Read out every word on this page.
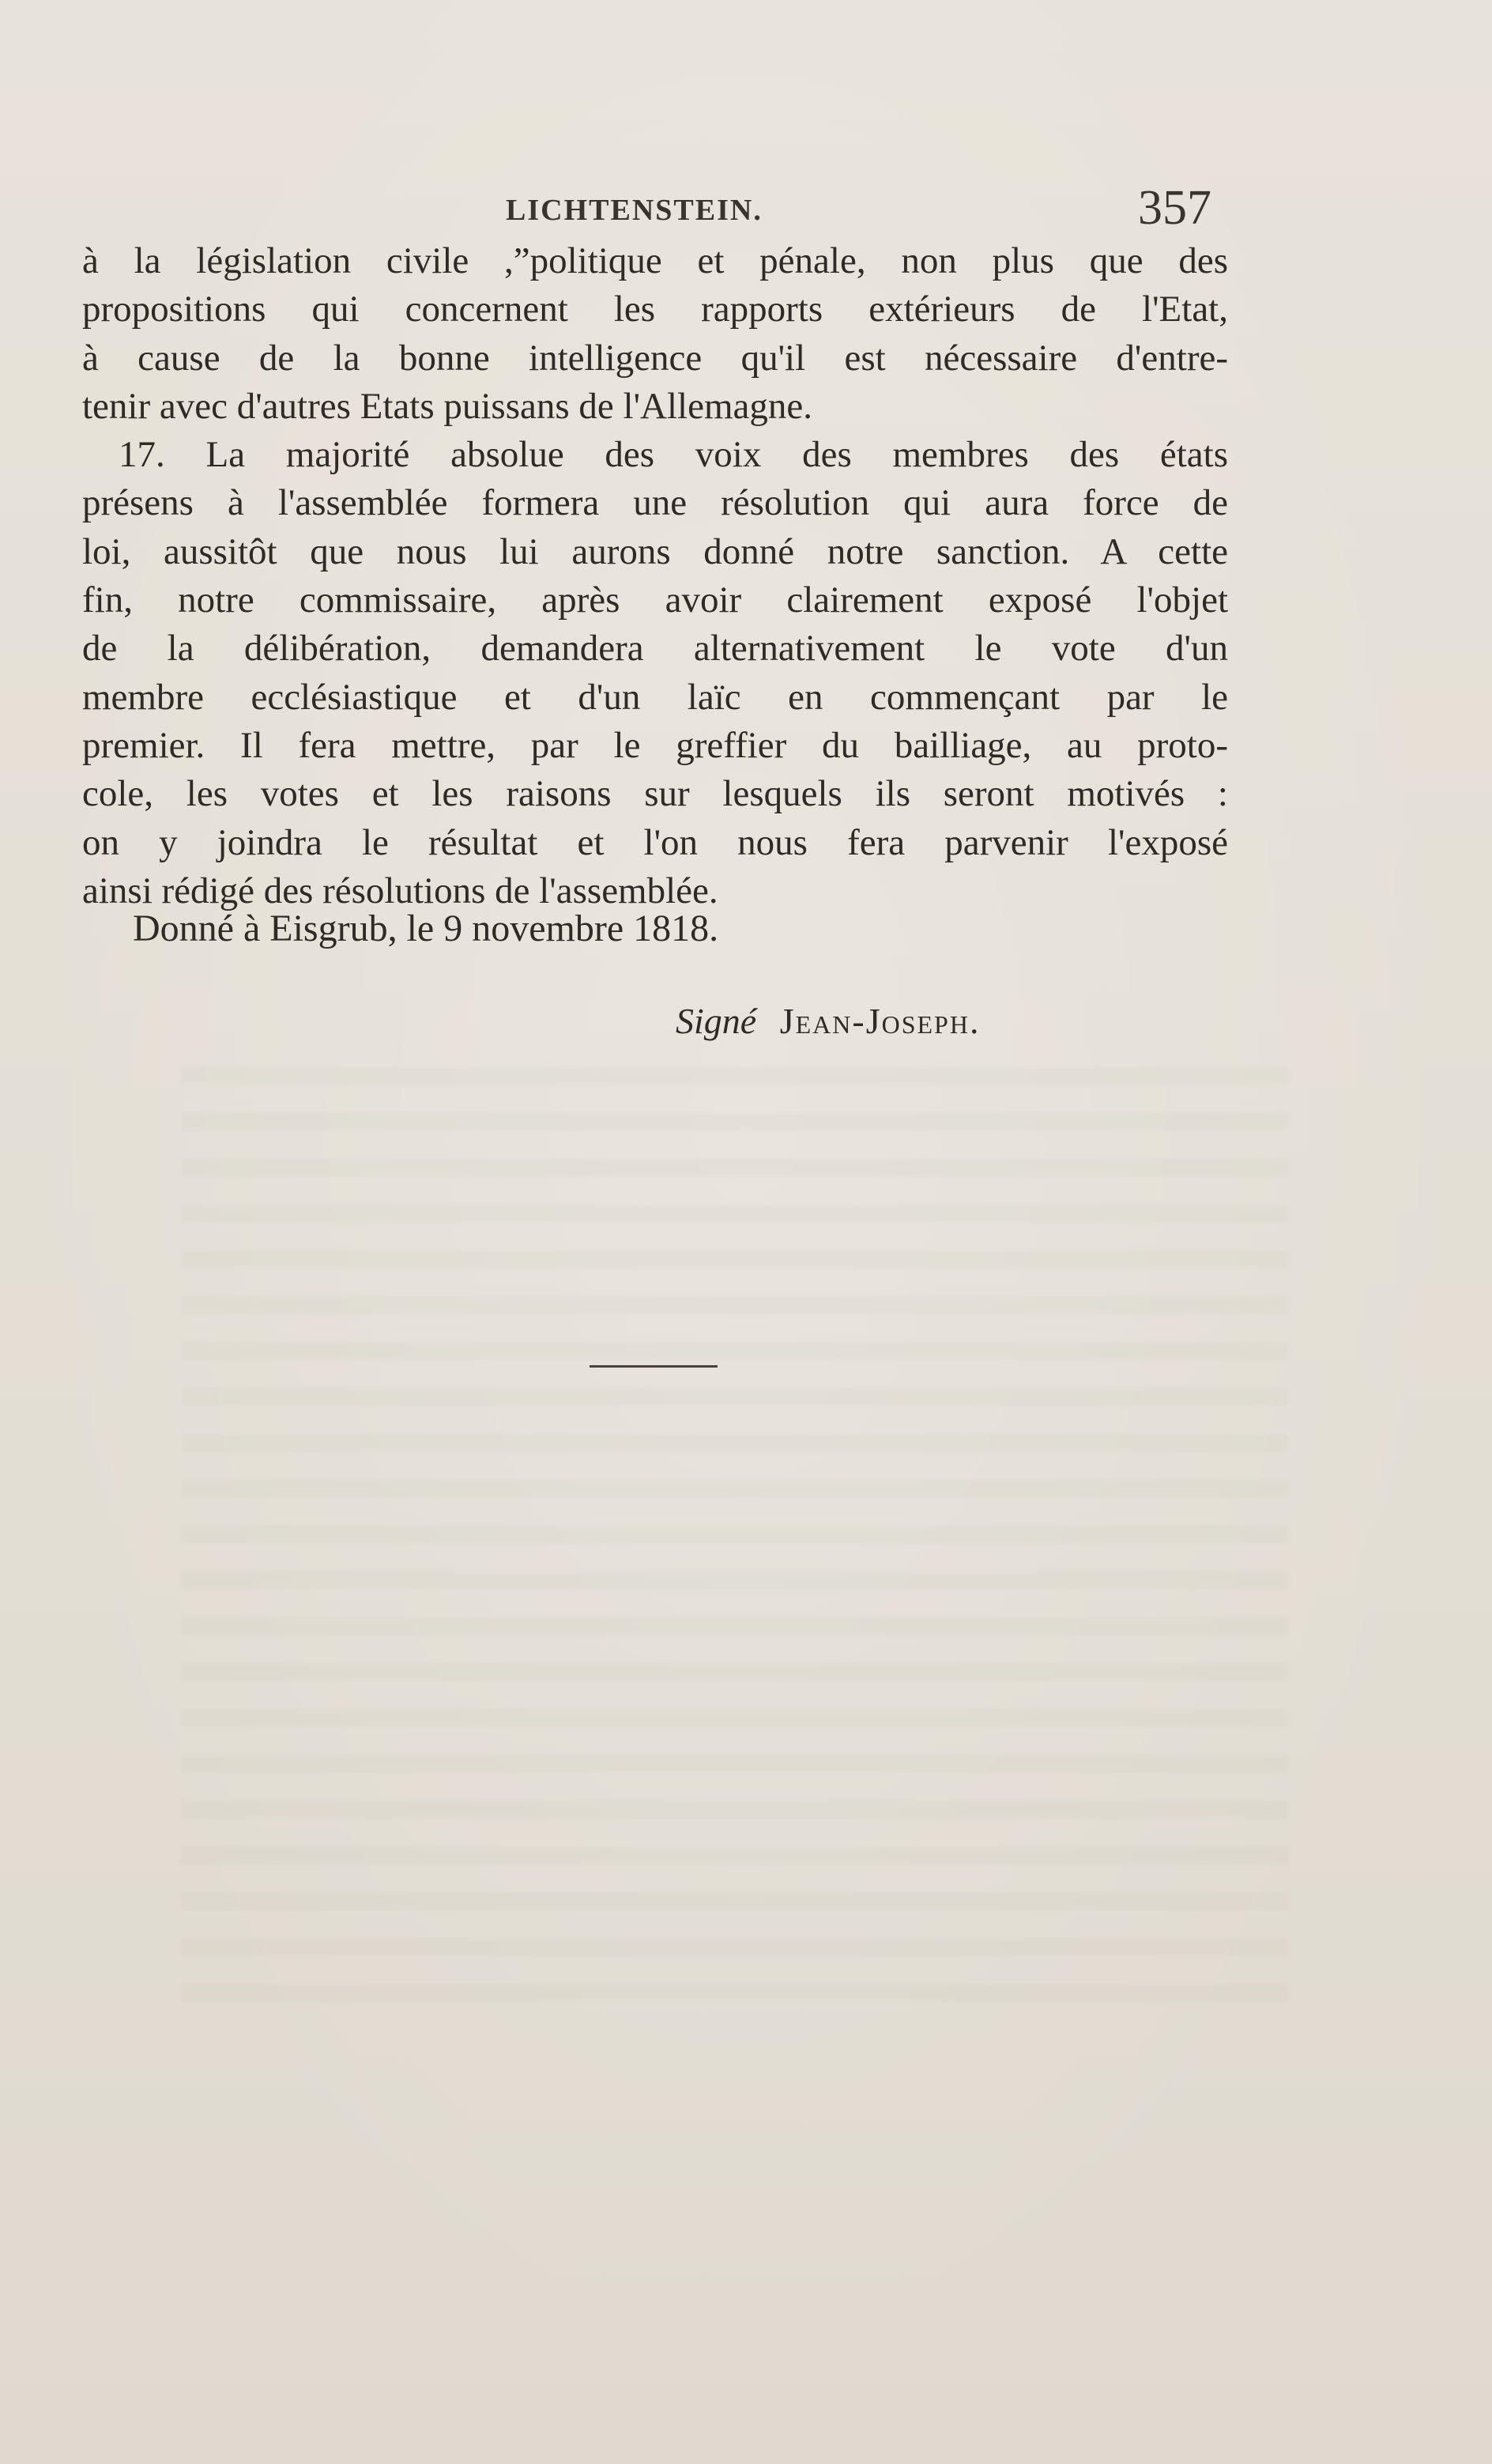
LICHTENSTEIN.	357
à la législation civile ,ˮpolitique et pénale, non plus que des
propositions qui concernent les rapports extérieurs de l'Etat,
à cause de la bonne intelligence qu'il est nécessaire d'entre-
tenir avec d'autres Etats puissans de l'Allemagne.
17. La majorité absolue des voix des membres des états
présens à l'assemblée formera une résolution qui aura force de
loi, aussitôt que nous lui aurons donné notre sanction. A cette
fin, notre commissaire, après avoir clairement exposé l'objet
de la délibération, demandera alternativement le vote d'un
membre ecclésiastique et d'un laïc en commençant par le
premier. Il fera mettre, par le greffier du bailliage, au proto-
cole, les votes et les raisons sur lesquels ils seront motivés :
on y joindra le résultat et l'on nous fera parvenir l'exposé
ainsi rédigé des résolutions de l'assemblée.
Donné à Eisgrub, le 9 novembre 1818.
Signé Jean-Joseph.
